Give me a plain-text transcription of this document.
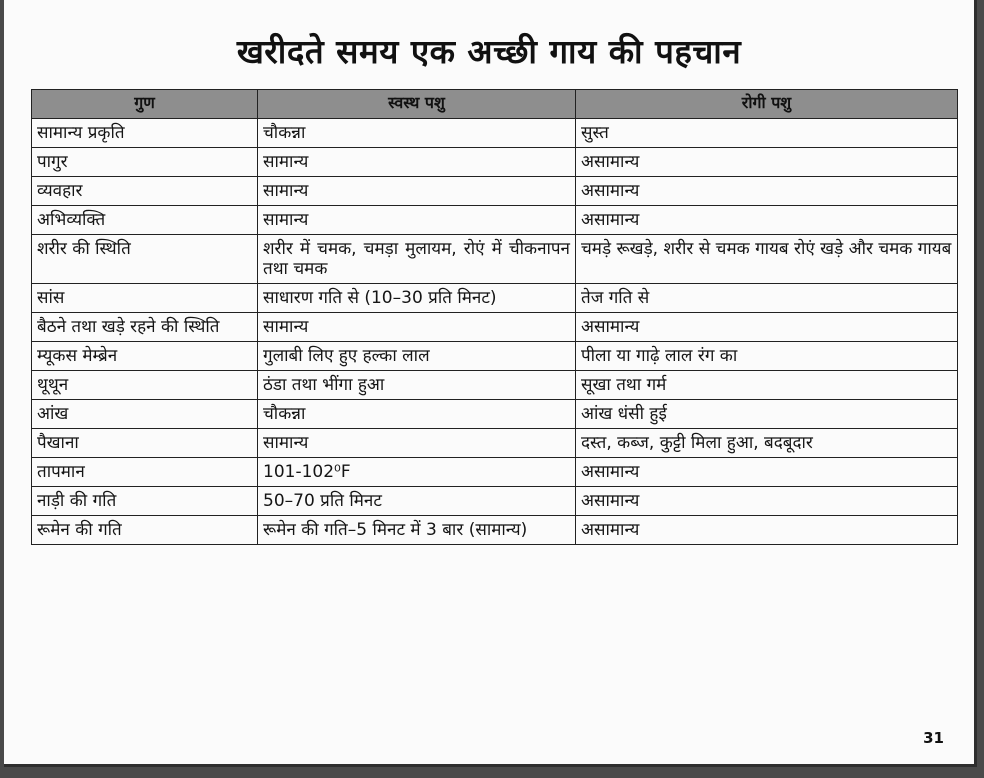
खरीदते समय एक अच्छी गाय की पहचान
गुण	स्वस्थ पशु	रोगी पशु
सामान्य प्रकृति	चौकन्ना	सुस्त
पागुर	सामान्य	असामान्य
व्यवहार	सामान्य	असामान्य
अभिव्यक्ति	सामान्य	असामान्य
शरीर की स्थिति	शरीर में चमक, चमड़ा मुलायम, रोएं में चीकनापन तथा चमक	चमड़े रूखड़े, शरीर से चमक गायब रोएं खड़े और चमक गायब
सांस	साधारण गति से (10–30 प्रति मिनट)	तेज गति से
बैठने तथा खड़े रहने की स्थिति	सामान्य	असामान्य
म्यूकस मेम्ब्रेन	गुलाबी लिए हुए हल्का लाल	पीला या गाढ़े लाल रंग का
थूथून	ठंडा तथा भींगा हुआ	सूखा तथा गर्म
आंख	चौकन्ना	आंख धंसी हुई
पैखाना	सामान्य	दस्त, कब्ज, कुट्टी मिला हुआ, बदबूदार
तापमान	101-102⁰F	असामान्य
नाड़ी की गति	50–70 प्रति मिनट	असामान्य
रूमेन की गति	रूमेन की गति–5 मिनट में 3 बार (सामान्य)	असामान्य
31
